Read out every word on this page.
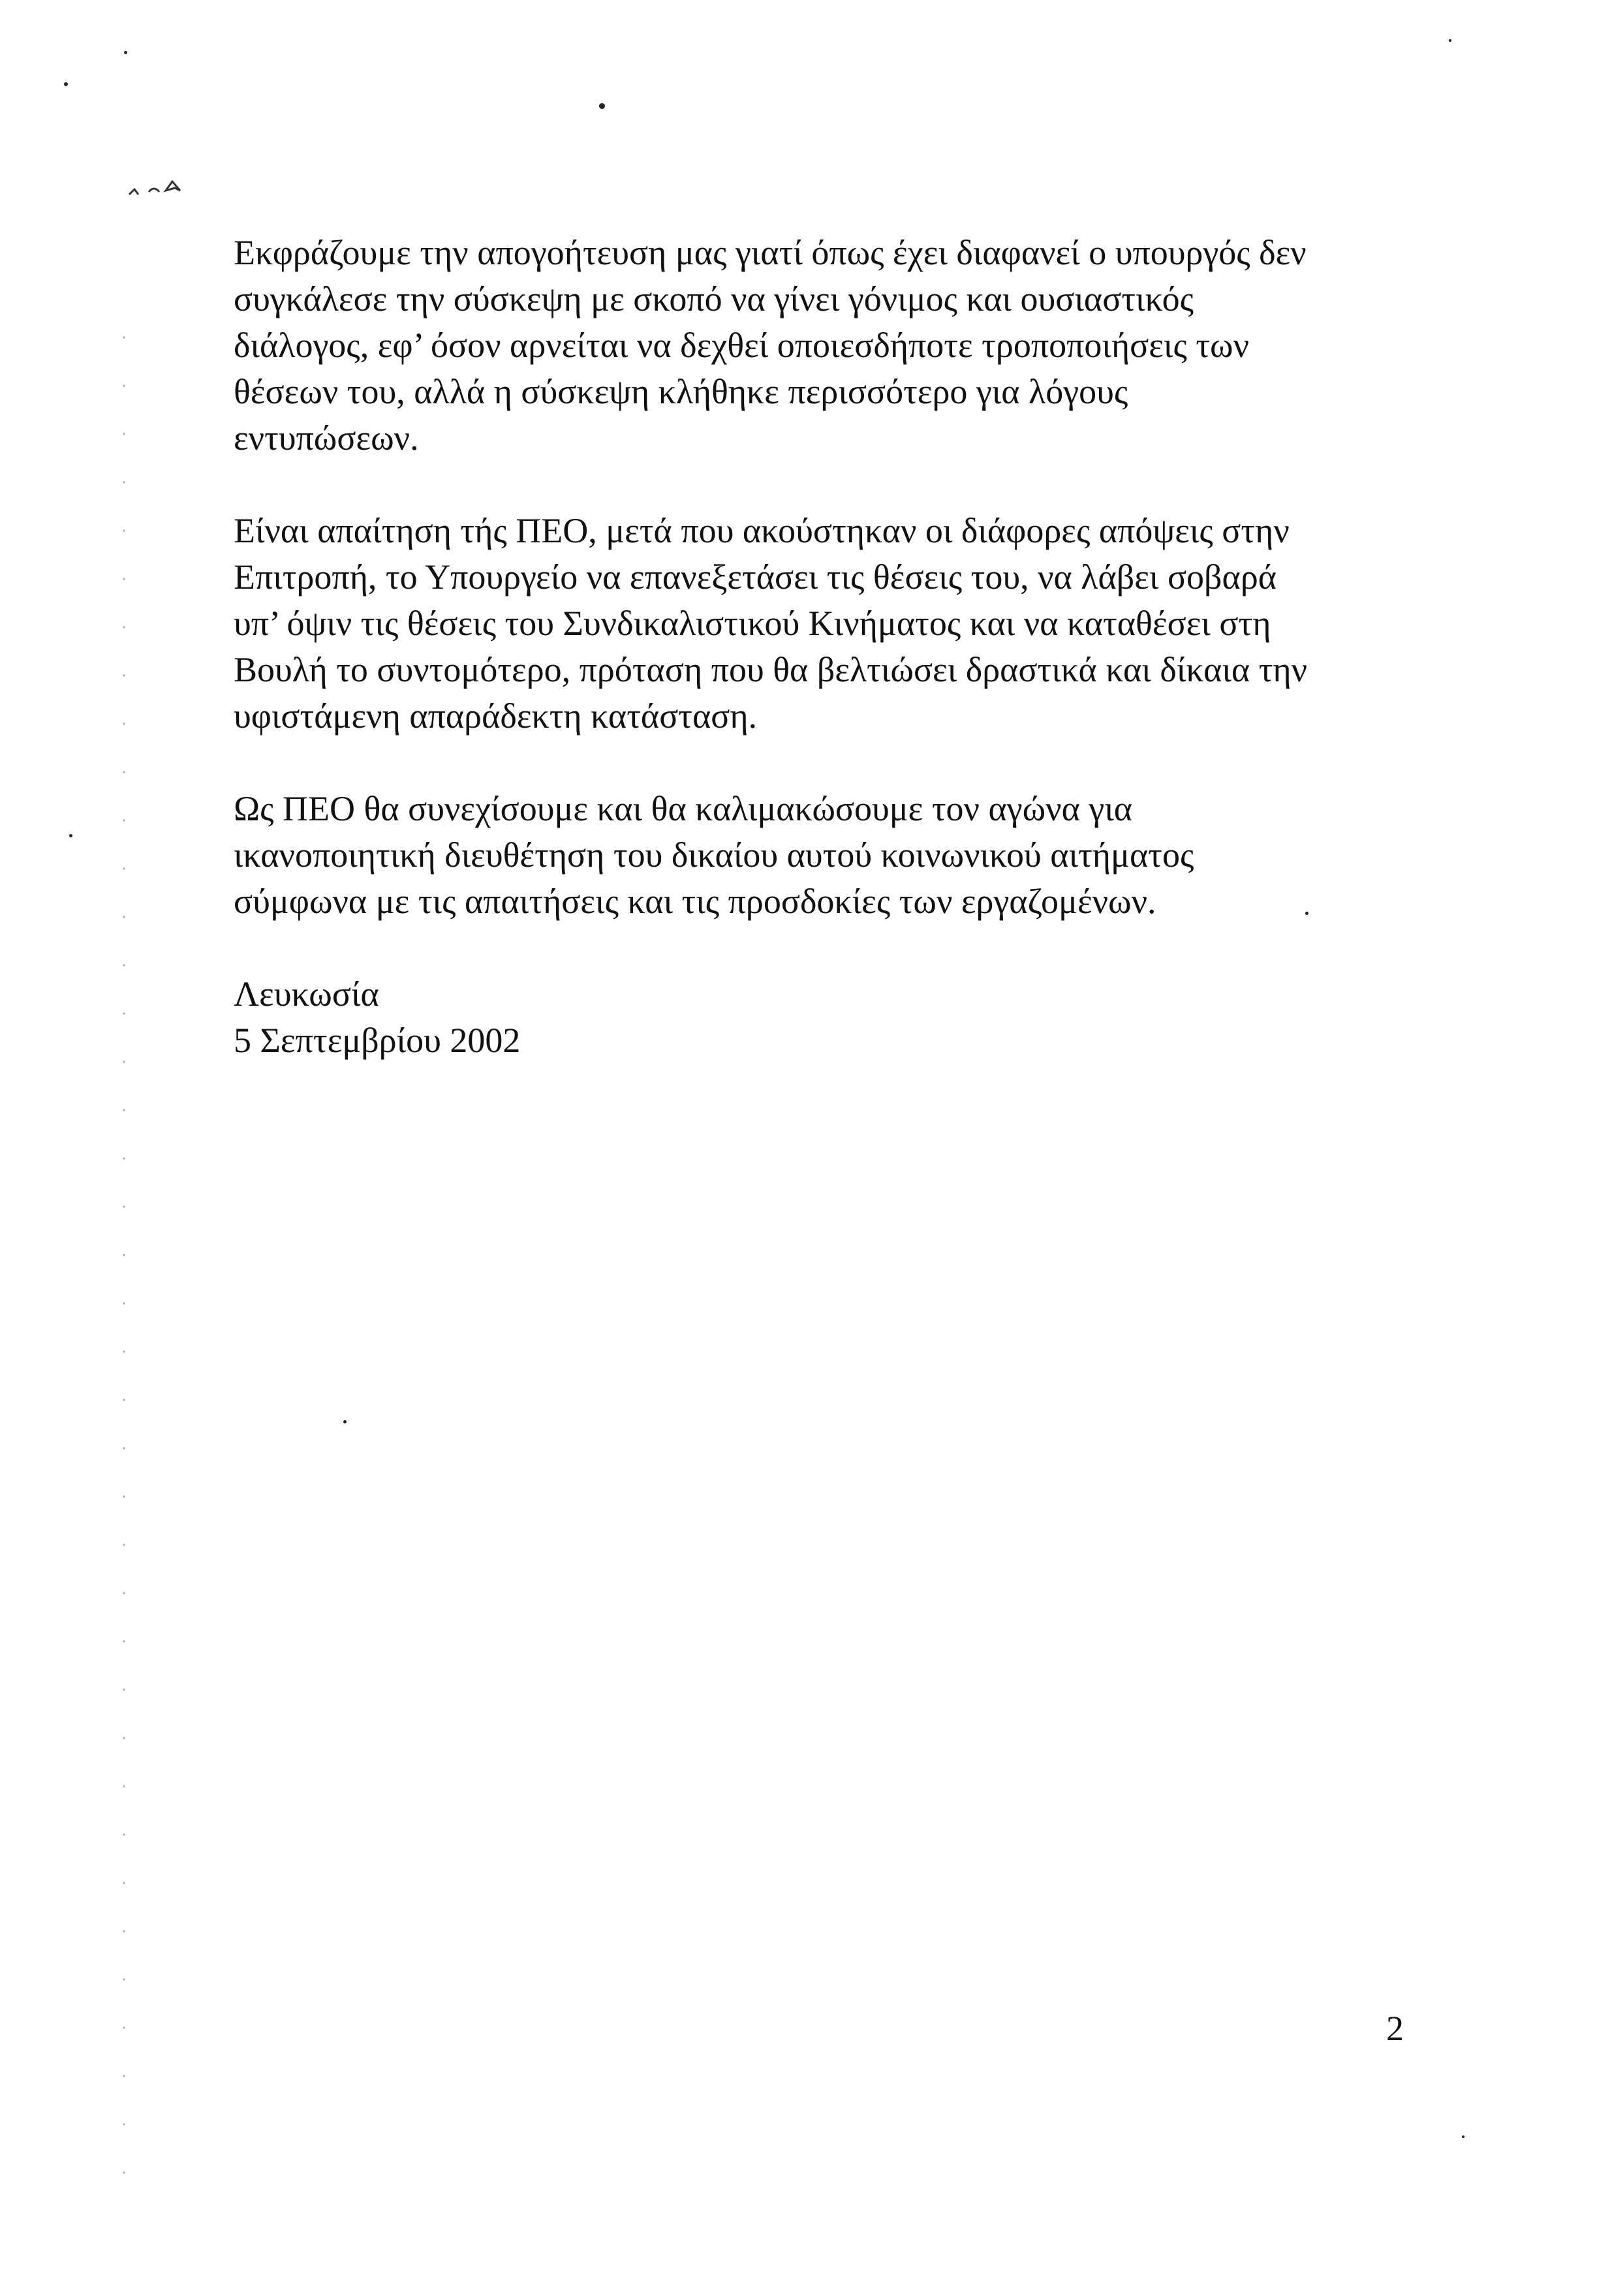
Εκφράζουμε την απογοήτευση μας γιατί όπως έχει διαφανεί ο υπουργός δεν
συγκάλεσε την σύσκεψη με σκοπό να γίνει γόνιμος και ουσιαστικός
διάλογος, εφ’ όσον αρνείται να δεχθεί οποιεσδήποτε τροποποιήσεις των
θέσεων του, αλλά η σύσκεψη κλήθηκε περισσότερο για λόγους
εντυπώσεων.

Είναι απαίτηση τής ΠΕΟ, μετά που ακούστηκαν οι διάφορες απόψεις στην
Επιτροπή, το Υπουργείο να επανεξετάσει τις θέσεις του, να λάβει σοβαρά
υπ’ όψιν τις θέσεις του Συνδικαλιστικού Κινήματος και να καταθέσει στη
Βουλή το συντομότερο, πρόταση που θα βελτιώσει δραστικά και δίκαια την
υφιστάμενη απαράδεκτη κατάσταση.

Ως ΠΕΟ θα συνεχίσουμε και θα καλιμακώσουμε τον αγώνα για
ικανοποιητική διευθέτηση του δικαίου αυτού κοινωνικού αιτήματος
σύμφωνα με τις απαιτήσεις και τις προσδοκίες των εργαζομένων.

Λευκωσία

5 Σεπτεμβρίου 2002

2
